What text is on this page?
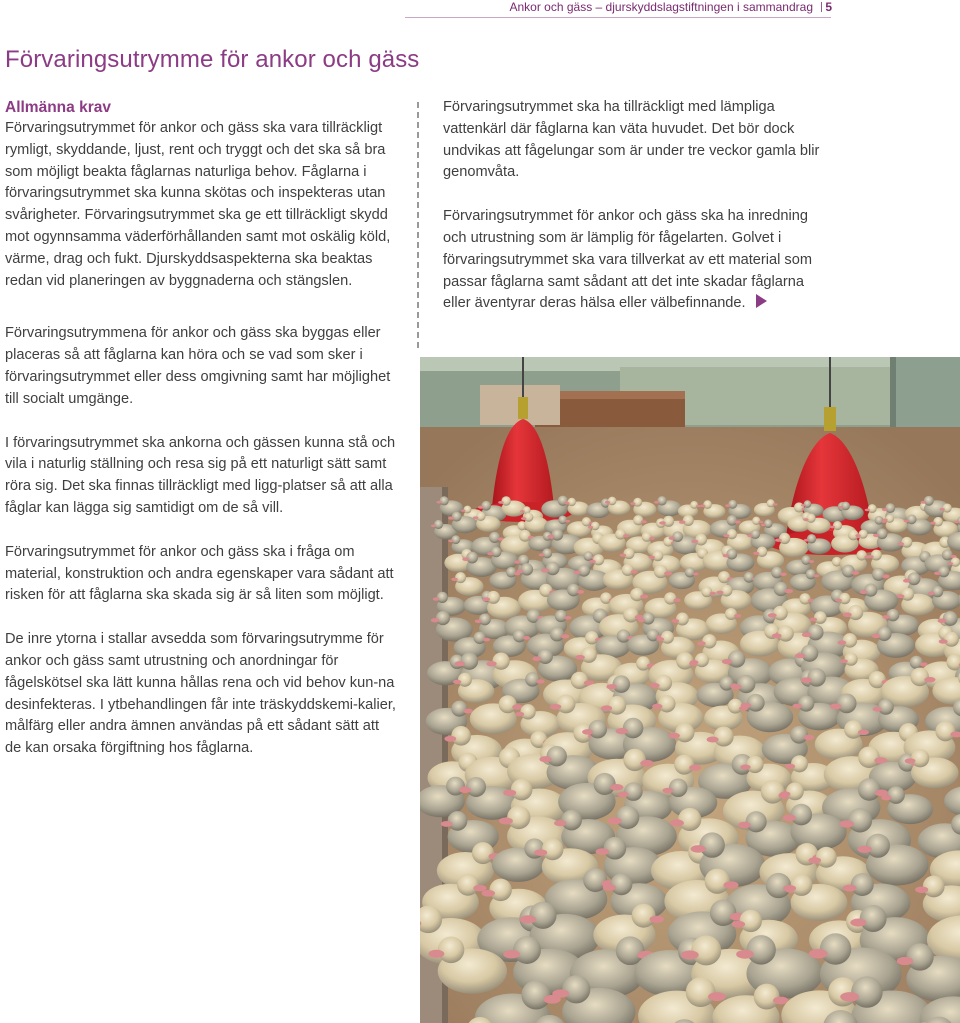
Ankor och gäss – djurskyddslagstiftningen i sammandrag	5
Förvaringsutrymme för ankor och gäss
Allmänna krav

Förvaringsutrymmet för ankor och gäss ska vara tillräckligt rymligt, skyddande, ljust, rent och tryggt och det ska så bra som möjligt beakta fåglarnas naturliga behov. Fåglarna i förvaringsutrymmet ska kunna skötas och inspekteras utan svårigheter. Förvaringsutrymmet ska ge ett tillräckligt skydd mot ogynnsamma väderförhållanden samt mot oskälig köld, värme, drag och fukt. Djurskyddsaspekterna ska beaktas redan vid planeringen av byggnaderna och stängslen.

Förvaringsutrymmena för ankor och gäss ska byggas eller placeras så att fåglarna kan höra och se vad som sker i förvaringsutrymmet eller dess omgivning samt har möjlighet till socialt umgänge.

I förvaringsutrymmet ska ankorna och gässen kunna stå och vila i naturlig ställning och resa sig på ett naturligt sätt samt röra sig. Det ska finnas tillräckligt med ligg-platser så att alla fåglar kan lägga sig samtidigt om de så vill.

Förvaringsutrymmet för ankor och gäss ska i fråga om material, konstruktion och andra egenskaper vara sådant att risken för att fåglarna ska skada sig är så liten som möjligt.

De inre ytorna i stallar avsedda som förvaringsutrymme för ankor och gäss samt utrustning och anordningar för fågelskötsel ska lätt kunna hållas rena och vid behov kun-na desinfekteras. I ytbehandlingen får inte träskyddskemi-kalier, målfärg eller andra ämnen användas på ett sådant sätt att de kan orsaka förgiftning hos fåglarna.

Förvaringsutrymmet ska ha tillräckligt med lämpliga vattenkärl där fåglarna kan väta huvudet. Det bör dock undvikas att fågelungar som är under tre veckor gamla blir genomvåta.

Förvaringsutrymmet för ankor och gäss ska ha inredning och utrustning som är lämplig för fågelarten. Golvet i förvaringsutrymmet ska vara tillverkat av ett material som passar fåglarna samt sådant att det inte skadar fåglarna eller äventyrar deras hälsa eller välbefinnande.
